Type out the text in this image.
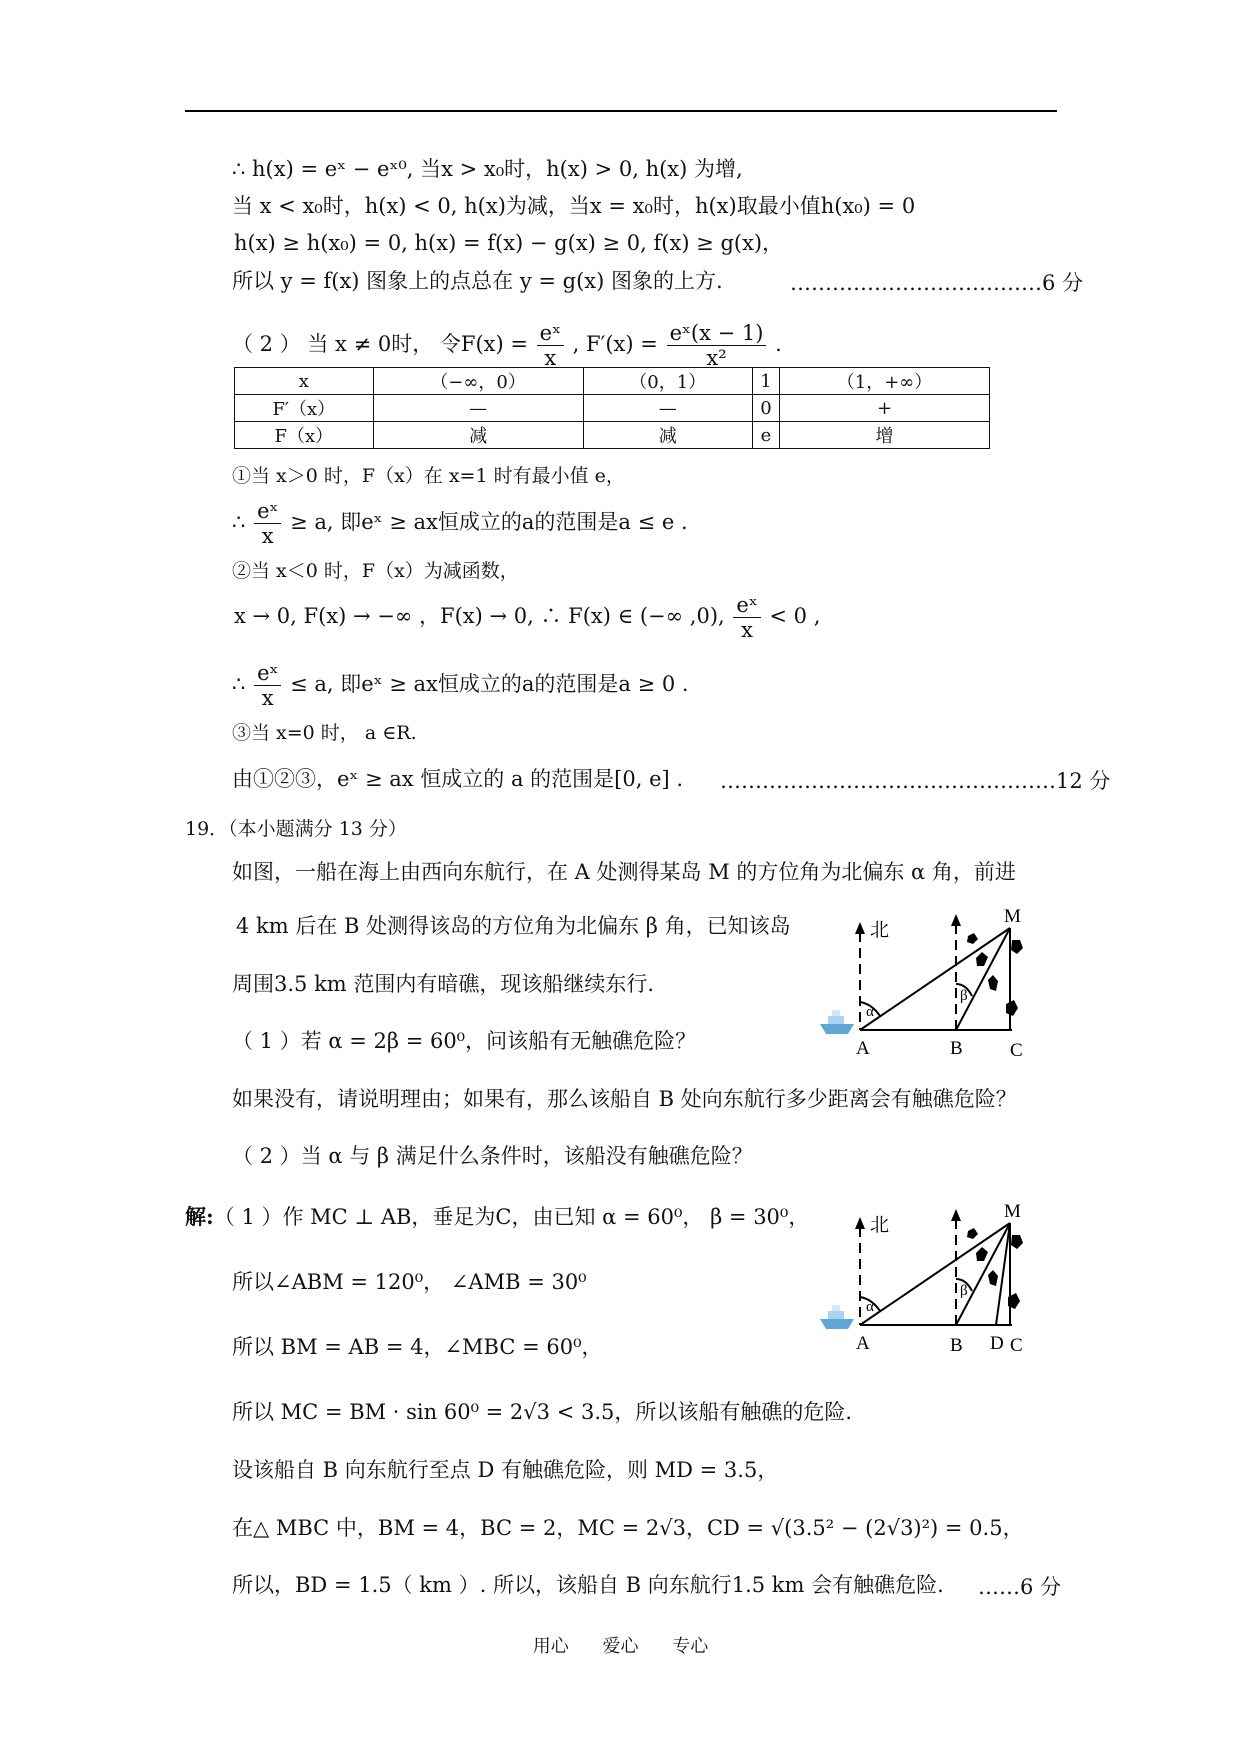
∴ h(x) = eˣ − eˣ⁰, 当x > x₀时，h(x) > 0, h(x) 为增,
当 x < x₀时，h(x) < 0, h(x)为减，当x = x₀时，h(x)取最小值h(x₀) = 0
h(x) ≥ h(x₀) = 0, h(x) = f(x) − g(x) ≥ 0, f(x) ≥ g(x)，
所以 y = f(x) 图象上的点总在 y = g(x) 图象的上方.	………………………………6 分
（ 2 ） 当 x ≠ 0时， 令$F(x) = \frac{\text{eˣ}}{x}$ , $F'(x) = \frac{\text{eˣ(x − 1)}}{\text{x²}}$ .
x	（−∞，0）	（0，1）	1	（1，+∞）
F′（x）	—	—	0	+
F（x）	减	减	e	增
①当 x＞0 时，F（x）在 x=1 时有最小值 e，
∴ $\frac{\text{eˣ}}{x} \ge a$, 即eˣ ≥ ax恒成立的a的范围是a ≤ e .
②当 x＜0 时，F（x）为减函数，
x → 0, F(x) → −∞ ，F(x) → 0, ∴ F(x) ∈ (−∞ ,0), $\frac{\text{eˣ}}{x} < 0$ ,
∴ $\frac{\text{eˣ}}{x} \le a$, 即eˣ ≥ ax恒成立的a的范围是a ≥ 0 .
③当 x=0 时， a ∈R.
由①②③，eˣ ≥ ax 恒成立的 a 的范围是[0, e] . …………………………………………12 分
19．（本小题满分 13 分）
如图，一船在海上由西向东航行，在 A 处测得某岛 M 的方位角为北偏东 α 角，前进
4 km 后在 B 处测得该岛的方位角为北偏东 β 角，已知该岛
周围3.5 km 范围内有暗礁，现该船继续东行.
（ 1 ）若 α = 2β = 60⁰，问该船有无触礁危险？
如果没有，请说明理由；如果有，那么该船自 B 处向东航行多少距离会有触礁危险？
（ 2 ）当 α 与 β 满足什么条件时，该船没有触礁危险？
北
α
β
M
A	B C
解:（ 1 ）作 MC ⊥ AB，垂足为C，由已知 α = 60⁰， β = 30⁰，
所以∠ABM = 120⁰， ∠AMB = 30⁰
所以 BM = AB = 4，∠MBC = 60⁰，
所以 MC = BM · sin 60⁰ = 2√3 < 3.5，所以该船有触礁的危险.
设该船自 B 向东航行至点 D 有触礁危险，则 MD = 3.5，
在△ MBC 中，BM = 4，BC = 2，MC = 2√3，CD = √(3.5² − (2√3)²) = 0.5，
所以，BD = 1.5（ km ）. 所以，该船自 B 向东航行1.5 km 会有触礁危险. ……6 分
北
α
β
M
A	B D C
用心 爱心 专心
